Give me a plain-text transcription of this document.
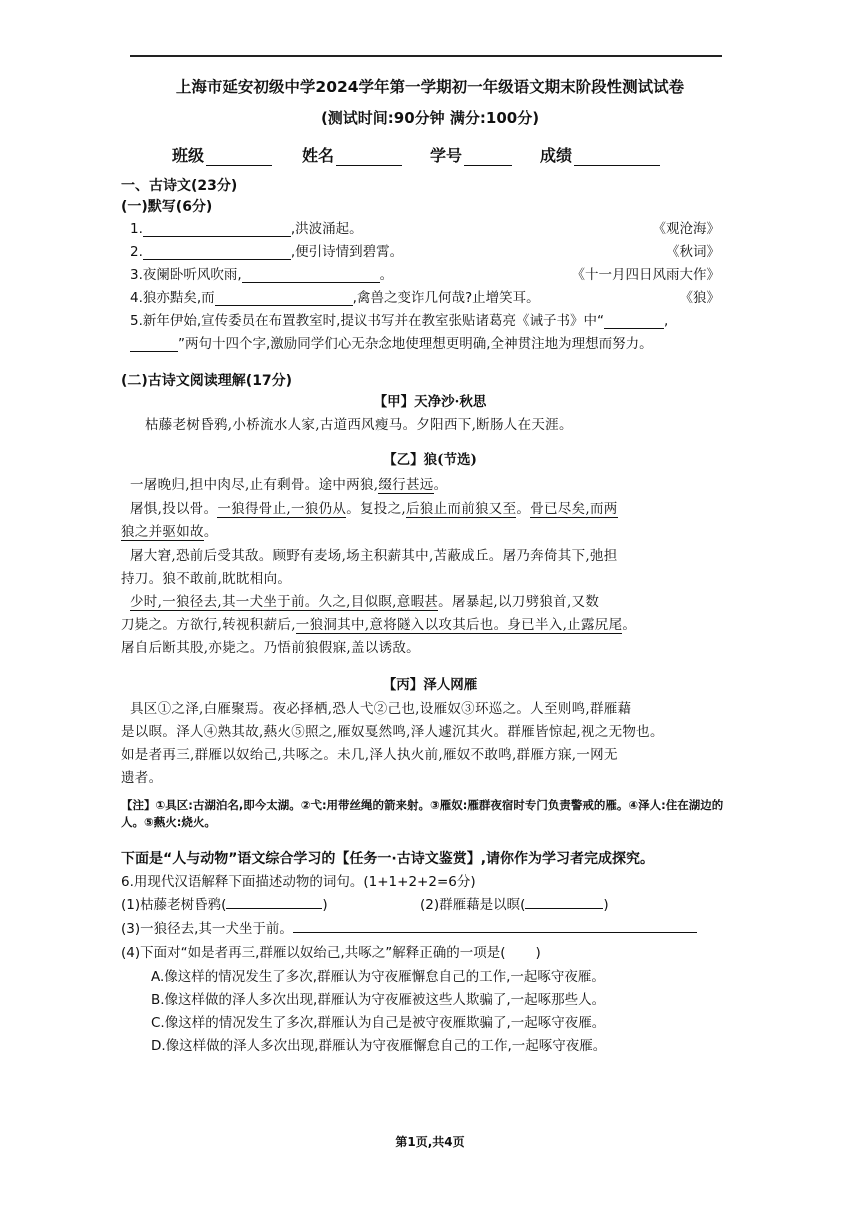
上海市延安初级中学2024学年第一学期初一年级语文期末阶段性测试试卷
(测试时间:90分钟 满分:100分)
班级	姓名	学号	成绩
一、古诗文(23分)
(一)默写(6分)
1.	,洪波涌起。	《观沧海》
2.	,便引诗情到碧霄。	《秋词》
3.夜阑卧听风吹雨,	。	《十一月四日风雨大作》
4.狼亦黠矣,而	,禽兽之变诈几何哉?止增笑耳。	《狼》
5.新年伊始,宣传委员在布置教室时,提议书写并在教室张贴诸葛亮《诫子书》中“	,
”两句十四个字,激励同学们心无杂念地使理想更明确,全神贯注地为理想而努力。
(二)古诗文阅读理解(17分)
【甲】天净沙·秋思
枯藤老树昏鸦,小桥流水人家,古道西风瘦马。夕阳西下,断肠人在天涯。
【乙】狼(节选)
一屠晚归,担中肉尽,止有剩骨。途中两狼,缀行甚远。
屠惧,投以骨。一狼得骨止,一狼仍从。复投之,后狼止而前狼又至。骨已尽矣,而两
狼之并驱如故。
屠大窘,恐前后受其敌。顾野有麦场,场主积薪其中,苫蔽成丘。屠乃奔倚其下,弛担
持刀。狼不敢前,眈眈相向。
少时,一狼径去,其一犬坐于前。久之,目似瞑,意暇甚。屠暴起,以刀劈狼首,又数
刀毙之。方欲行,转视积薪后,一狼洞其中,意将隧入以攻其后也。身已半入,止露尻尾。
屠自后断其股,亦毙之。乃悟前狼假寐,盖以诱敌。
【丙】泽人网雁
具区①之泽,白雁聚焉。夜必择栖,恐人弋②己也,设雁奴③环巡之。人至则鸣,群雁藉
是以暝。泽人④熟其故,爇火⑤照之,雁奴戛然鸣,泽人遽沉其火。群雁皆惊起,视之无物也。
如是者再三,群雁以奴绐己,共啄之。未几,泽人执火前,雁奴不敢鸣,群雁方寐,一网无
遗者。
【注】①具区:古湖泊名,即今太湖。②弋:用带丝绳的箭来射。③雁奴:雁群夜宿时专门负责警戒的雁。④泽人:住在湖边的人。⑤爇火:烧火。
下面是“人与动物”语文综合学习的【任务一·古诗文鉴赏】,请你作为学习者完成探究。
6.用现代汉语解释下面描述动物的词句。(1+1+2+2=6分)
(1)枯藤老树昏鸦(	)	(2)群雁藉是以暝(	)
(3)一狼径去,其一犬坐于前。
(4)下面对“如是者再三,群雁以奴绐己,共啄之”解释正确的一项是( )
A.像这样的情况发生了多次,群雁认为守夜雁懈怠自己的工作,一起啄守夜雁。
B.像这样做的泽人多次出现,群雁认为守夜雁被这些人欺骗了,一起啄那些人。
C.像这样的情况发生了多次,群雁认为自己是被守夜雁欺骗了,一起啄守夜雁。
D.像这样做的泽人多次出现,群雁认为守夜雁懈怠自己的工作,一起啄守夜雁。
第1页,共4页
